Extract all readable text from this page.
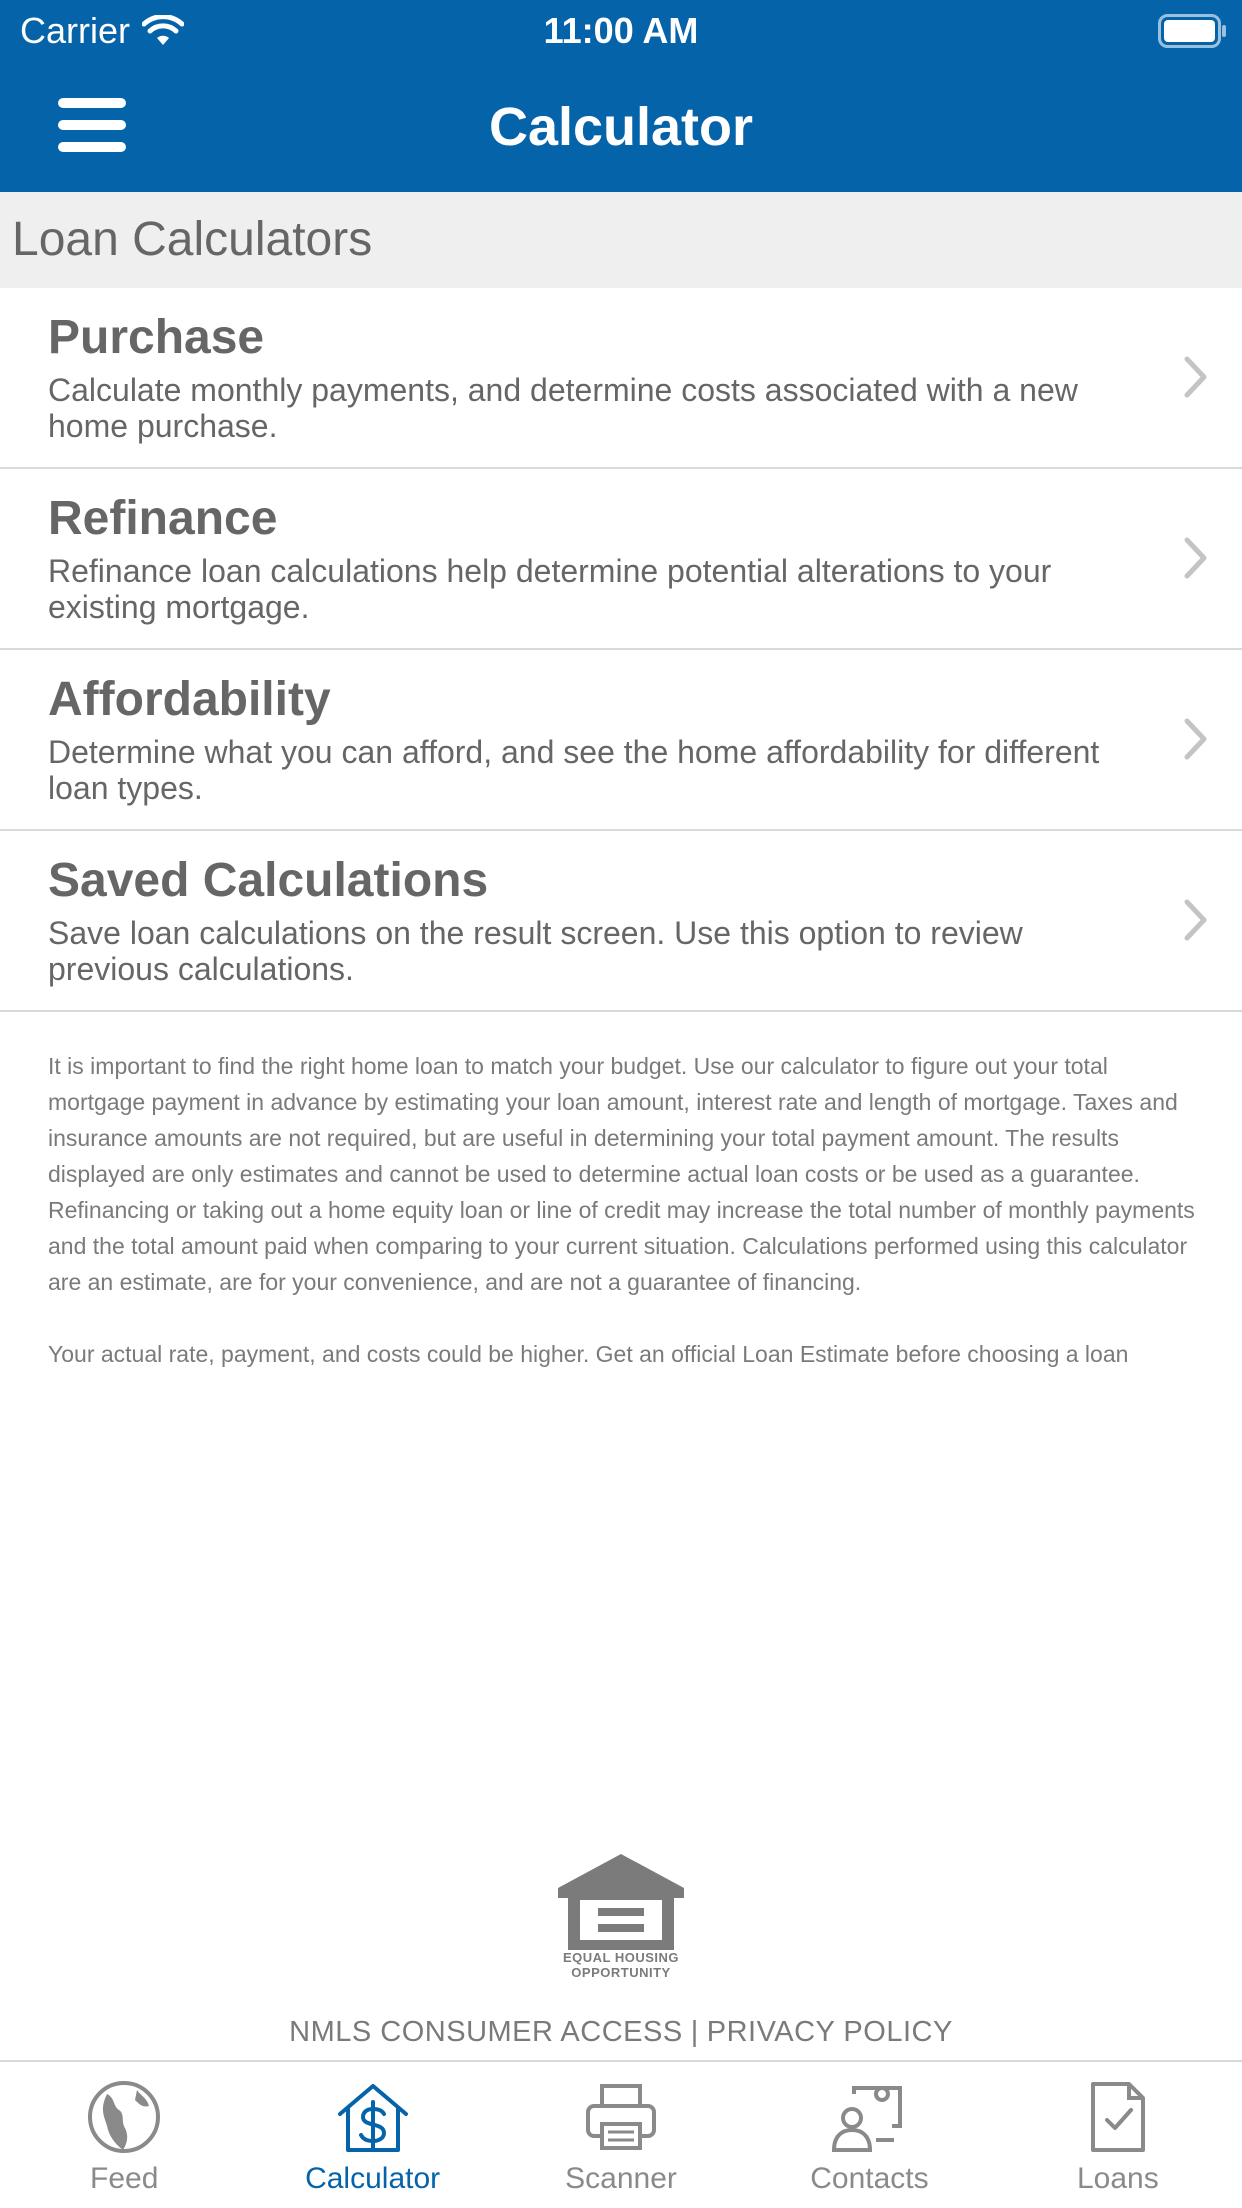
Carrier	11:00 AM
Calculator
Loan Calculators
Purchase
Calculate monthly payments, and determine costs associated with a new home purchase.
Refinance
Refinance loan calculations help determine potential alterations to your existing mortgage.
Affordability
Determine what you can afford, and see the home affordability for different loan types.
Saved Calculations
Save loan calculations on the result screen. Use this option to review previous calculations.

It is important to find the right home loan to match your budget. Use our calculator to figure out your total mortgage payment in advance by estimating your loan amount, interest rate and length of mortgage. Taxes and insurance amounts are not required, but are useful in determining your total payment amount. The results displayed are only estimates and cannot be used to determine actual loan costs or be used as a guarantee. Refinancing or taking out a home equity loan or line of credit may increase the total number of monthly payments and the total amount paid when comparing to your current situation. Calculations performed using this calculator are an estimate, are for your convenience, and are not a guarantee of financing.

Your actual rate, payment, and costs could be higher. Get an official Loan Estimate before choosing a loan

EQUAL HOUSING
OPPORTUNITY
NMLS CONSUMER ACCESS | PRIVACY POLICY
Feed	Calculator	Scanner	Contacts	Loans
